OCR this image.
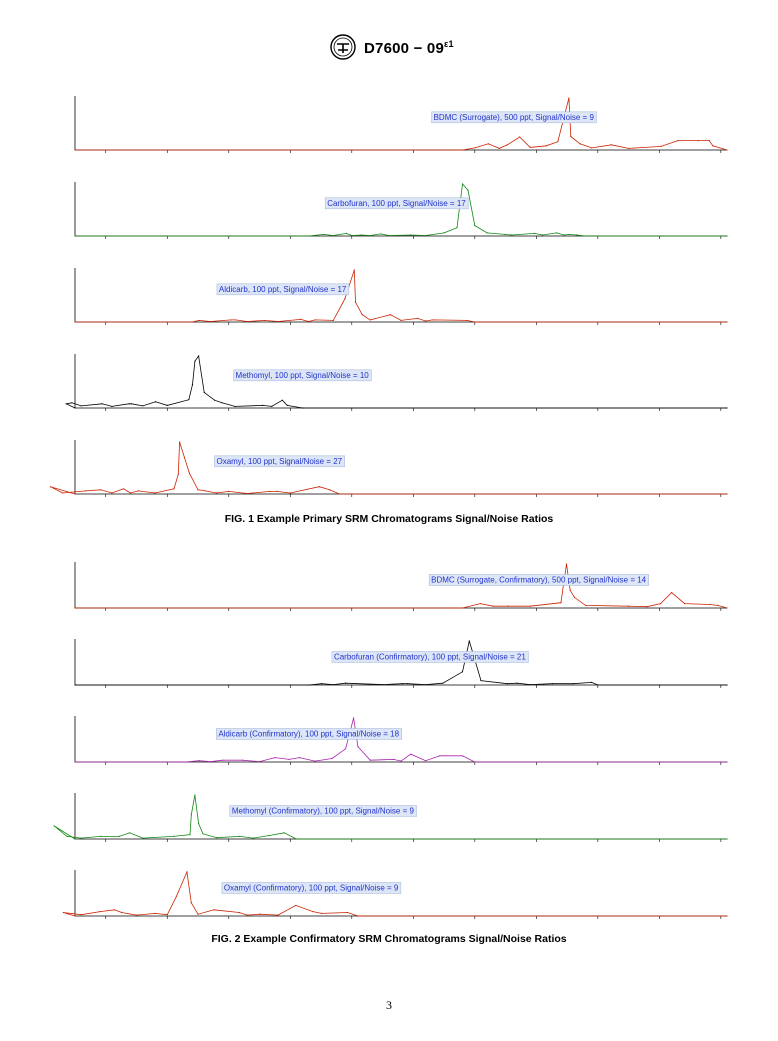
$D7600 - 09^{\varepsilon 1}$
BDMC (Surrogate), 500 ppt, Signal/Noise = 9
Carbofuran, 100 ppt, Signal/Noise = 17
Aldicarb, 100 ppt, Signal/Noise = 17
Methomyl, 100 ppt, Signal/Noise = 10
Oxamyl, 100 ppt, Signal/Noise = 27
FIG. 1 Example Primary SRM Chromatograms Signal/Noise Ratios
BDMC (Surrogate, Confirmatory), 500 ppt, Signal/Noise = 14
Carbofuran (Confirmatory), 100 ppt, Signal/Noise = 21
Aldicarb (Confirmatory), 100 ppt, Signal/Noise = 18
Methomyl (Confirmatory), 100 ppt, Signal/Noise = 9
Oxamyl (Confirmatory), 100 ppt, Signal/Noise = 9
FIG. 2 Example Confirmatory SRM Chromatograms Signal/Noise Ratios
3
